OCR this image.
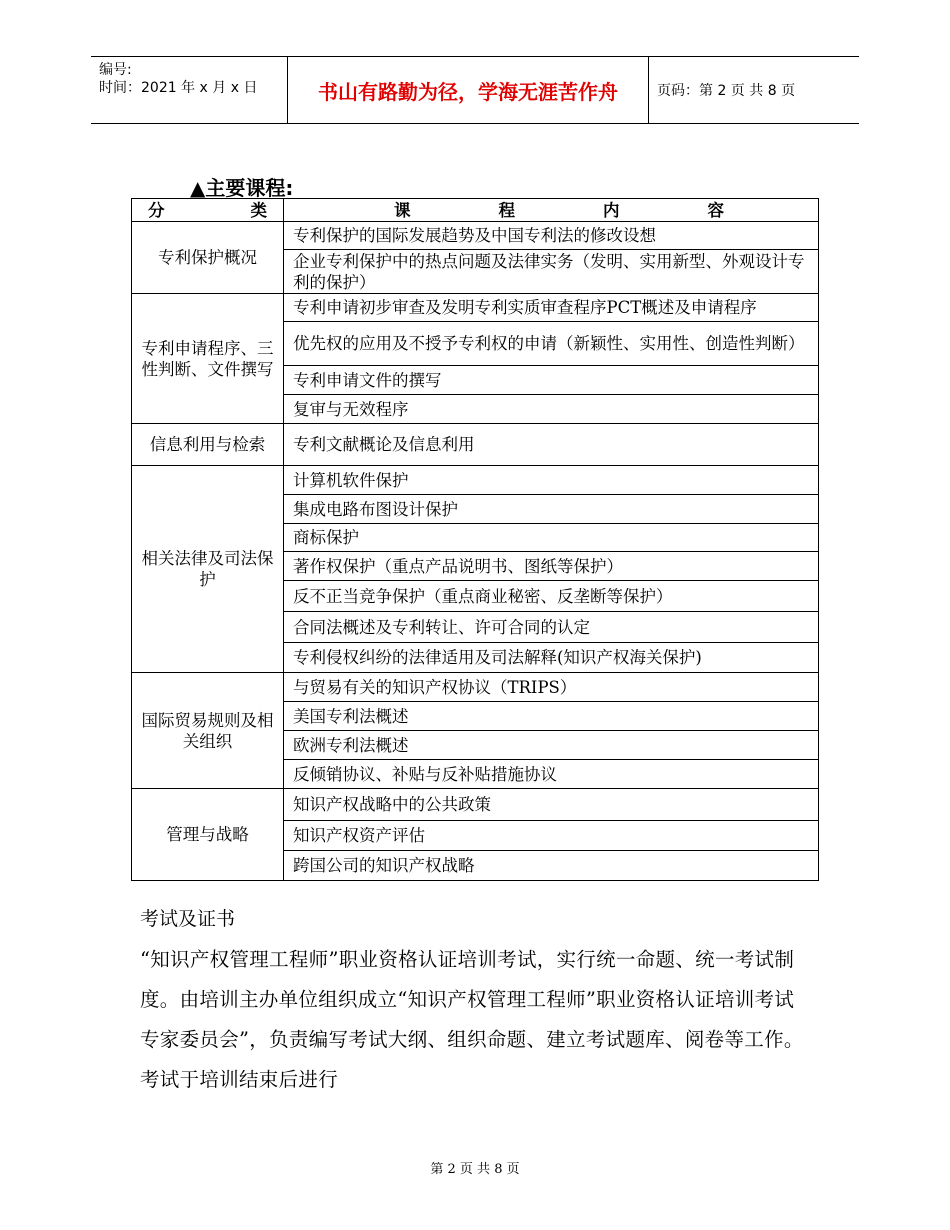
编号:
时间：2021 年 x 月 x 日	书山有路勤为径，学海无涯苦作舟	页码：第 2 页 共 8 页
▲主要课程:
分 类	课 程 内 容

专利保护概况	专利保护的国际发展趋势及中国专利法的修改设想
	企业专利保护中的热点问题及法律实务（发明、实用新型、外观设计专利的保护）
专利申请程序、三性判断、文件撰写	专利申请初步审查及发明专利实质审查程序PCT概述及申请程序
	优先权的应用及不授予专利权的申请（新颖性、实用性、创造性判断）
	专利申请文件的撰写
	复审与无效程序
信息利用与检索	专利文献概论及信息利用
相关法律及司法保护	计算机软件保护
	集成电路布图设计保护
	商标保护
	著作权保护（重点产品说明书、图纸等保护）
	反不正当竞争保护（重点商业秘密、反垄断等保护）
	合同法概述及专利转让、许可合同的认定
	专利侵权纠纷的法律适用及司法解释(知识产权海关保护)
国际贸易规则及相关组织	与贸易有关的知识产权协议（TRIPS）
	美国专利法概述
	欧洲专利法概述
	反倾销协议、补贴与反补贴措施协议
管理与战略	知识产权战略中的公共政策
	知识产权资产评估
	跨国公司的知识产权战略
考试及证书
“知识产权管理工程师”职业资格认证培训考试，实行统一命题、统一考试制度。由培训主办单位组织成立“知识产权管理工程师”职业资格认证培训考试专家委员会”，负责编写考试大纲、组织命题、建立考试题库、阅卷等工作。考试于培训结束后进行
第 2 页 共 8 页
